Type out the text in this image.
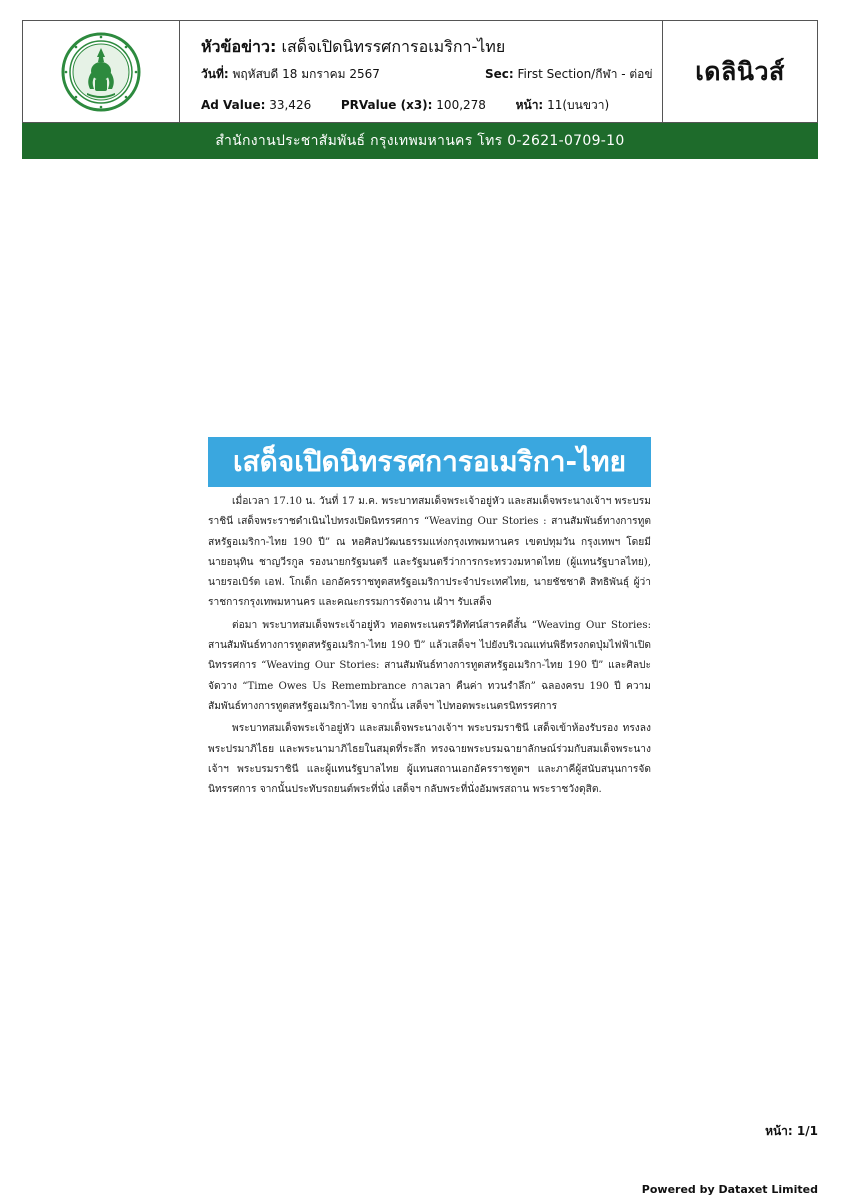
หัวข้อข่าว: เสด็จเปิดนิทรรศการอเมริกา-ไทย
วันที่: พฤหัสบดี 18 มกราคม 2567	Sec: First Section/กีฬา - ต่อข่
Ad Value: 33,426 PRValue (x3): 100,278 หน้า: 11(บนขวา)
เดลินิวส์
สำนักงานประชาสัมพันธ์ กรุงเทพมหานคร โทร 0-2621-0709-10
เสด็จเปิดนิทรรศการอเมริกา-ไทย

เมื่อเวลา 17.10 น. วันที่ 17 ม.ค. พระบาทสมเด็จพระเจ้าอยู่หัว และสมเด็จพระนางเจ้าฯ พระบรมราชินี เสด็จพระราชดำเนินไปทรงเปิดนิทรรศการ “Weaving Our Stories : สานสัมพันธ์ทางการทูตสหรัฐอเมริกา-ไทย 190 ปี” ณ หอศิลปวัฒนธรรมแห่งกรุงเทพมหานคร เขตปทุมวัน กรุงเทพฯ โดยมี นายอนุทิน ชาญวีรกูล รองนายกรัฐมนตรี และรัฐมนตรีว่าการกระทรวงมหาดไทย (ผู้แทนรัฐบาลไทย), นายรอเบิร์ต เอฟ. โกเด็ก เอกอัครราชทูตสหรัฐอเมริกาประจำประเทศไทย, นายชัชชาติ สิทธิพันธุ์ ผู้ว่าราชการกรุงเทพมหานคร และคณะกรรมการจัดงาน เฝ้าฯ รับเสด็จ

ต่อมา พระบาทสมเด็จพระเจ้าอยู่หัว ทอดพระเนตรวีดิทัศน์สารคดีสั้น “Weaving Our Stories: สานสัมพันธ์ทางการทูตสหรัฐอเมริกา-ไทย 190 ปี” แล้วเสด็จฯ ไปยังบริเวณแท่นพิธีทรงกดปุ่มไฟฟ้าเปิดนิทรรศการ “Weaving Our Stories: สานสัมพันธ์ทางการทูตสหรัฐอเมริกา-ไทย 190 ปี” และศิลปะจัดวาง “Time Owes Us Remembrance กาลเวลา คืนค่า ทวนรำลึก” ฉลองครบ 190 ปี ความสัมพันธ์ทางการทูตสหรัฐอเมริกา-ไทย จากนั้น เสด็จฯ ไปทอดพระเนตรนิทรรศการ

พระบาทสมเด็จพระเจ้าอยู่หัว และสมเด็จพระนางเจ้าฯ พระบรมราชินี เสด็จเข้าห้องรับรอง ทรงลงพระปรมาภิไธย และพระนามาภิไธยในสมุดที่ระลึก ทรงฉายพระบรมฉายาลักษณ์ร่วมกับสมเด็จพระนางเจ้าฯ พระบรมราชินี และผู้แทนรัฐบาลไทย ผู้แทนสถานเอกอัครราชทูตฯ และภาคีผู้สนับสนุนการจัดนิทรรศการ จากนั้นประทับรถยนต์พระที่นั่ง เสด็จฯ กลับพระที่นั่งอัมพรสถาน พระราชวังดุสิต.

หน้า: 1/1
Powered by Dataxet Limited
